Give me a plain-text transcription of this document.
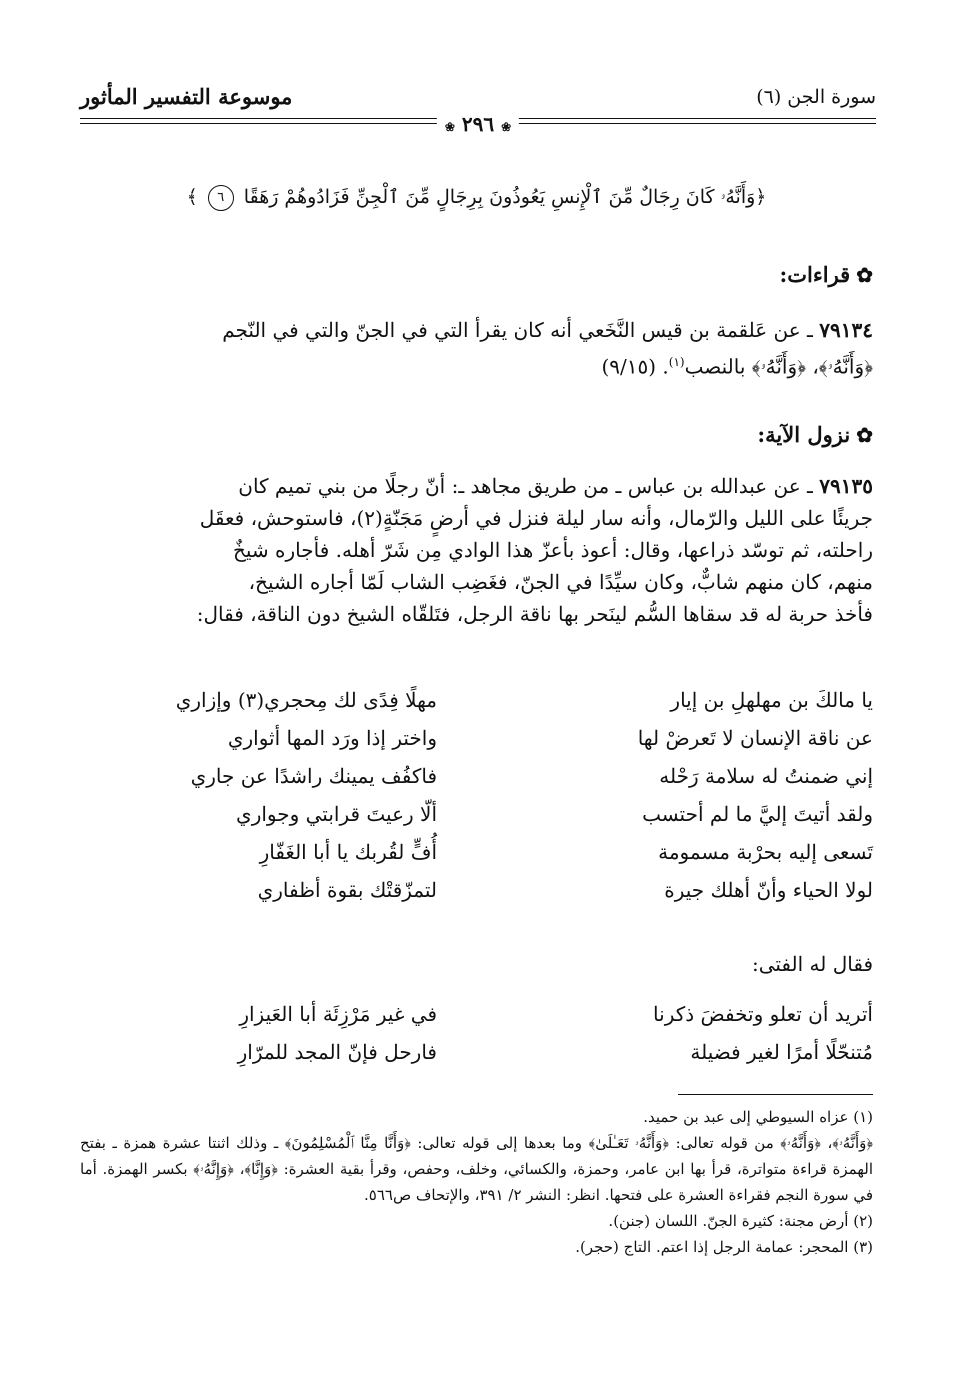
سورة الجن (٦)
موسوعة التفسير المأثور
❀ ٢٩٦ ❀
﴿وَأَنَّهُۥ كَانَ رِجَالٌ مِّنَ ٱلْإِنسِ يَعُوذُونَ بِرِجَالٍ مِّنَ ٱلْجِنِّ فَزَادُوهُمْ رَهَقًا ٦ ﴾
✿قراءات:
٧٩١٣٤ ـ عن عَلقمة بن قيس النَّخَعي أنه كان يقرأ التي في الجنّ والتي في النّجم
﴿وَأَنَّهُۥ﴾، ﴿وَأَنَّهُۥ﴾ بالنصب$^{(١)}$. (٩/١٥)
✿نزول الآية:
٧٩١٣٥ ـ عن عبدالله بن عباس ـ من طريق مجاهد ـ: أنّ رجلًا من بني تميم كان
جريئًا على الليل والرّمال، وأنه سار ليلة فنزل في أرضٍ مَجَنّةٍ(٢)، فاستوحش، فعقَل
راحلته، ثم توسّد ذراعها، وقال: أعوذ بأعزّ هذا الوادي مِن شَرّ أهله. فأجاره شيخٌ
منهم، كان منهم شابٌّ، وكان سيِّدًا في الجنّ، فغَضِب الشاب لَمّا أجاره الشيخ،
فأخذ حربة له قد سقاها السُّم لينَحر بها ناقة الرجل، فتَلقّاه الشيخ دون الناقة، فقال:
يا مالكَ بن مهلهلِ بن إيار
مهلًا فِدًى لك مِحجري(٣) وإزاري
عن ناقة الإنسان لا تَعرضْ لها
واختر إذا ورَد المها أثواري
إني ضمنتُ له سلامة رَحْله
فاكفُف يمينك راشدًا عن جاري
ولقد أتيتَ إليَّ ما لم أحتسب
ألّا رعيتَ قرابتي وجواري
تَسعى إليه بحرْبة مسمومة
أُفٍّ لقُربك يا أبا الغَفّارِ
لولا الحياء وأنّ أهلك جيرة
لتمزّقتْك بقوة أظفاري
فقال له الفتى:
أتريد أن تعلو وتخفضَ ذكرنا
في غير مَرْزِئَة أبا العَيزارِ
مُتنحّلًا أمرًا لغير فضيلة
فارحل فإنّ المجد للمرّارِ

(١) عزاه السيوطي إلى عبد بن حميد.

﴿وَأَنَّهُۥ﴾، ﴿وَأَنَّهُۥ﴾ من قوله تعالى: ﴿وَأَنَّهُۥ تَعَـٰلَىٰ﴾ وما بعدها إلى قوله تعالى: ﴿وَأَنَّا مِنَّا ٱلْمُسْلِمُونَ﴾ ـ وذلك اثنتا عشرة همزة ـ بفتح الهمزة قراءة متواترة، قرأ بها ابن عامر، وحمزة، والكسائي، وخلف، وحفص، وقرأ بقية العشرة: ﴿وَإِنَّا﴾، ﴿وَإِنَّهُۥ﴾ بكسر الهمزة. أما في سورة النجم فقراءة العشرة على فتحها. انظر: النشر ٢/ ٣٩١، والإتحاف ص٥٦٦.

(٢) أرض مجنة: كثيرة الجنّ. اللسان (جنن).

(٣) المحجر: عمامة الرجل إذا اعتم. التاج (حجر).
